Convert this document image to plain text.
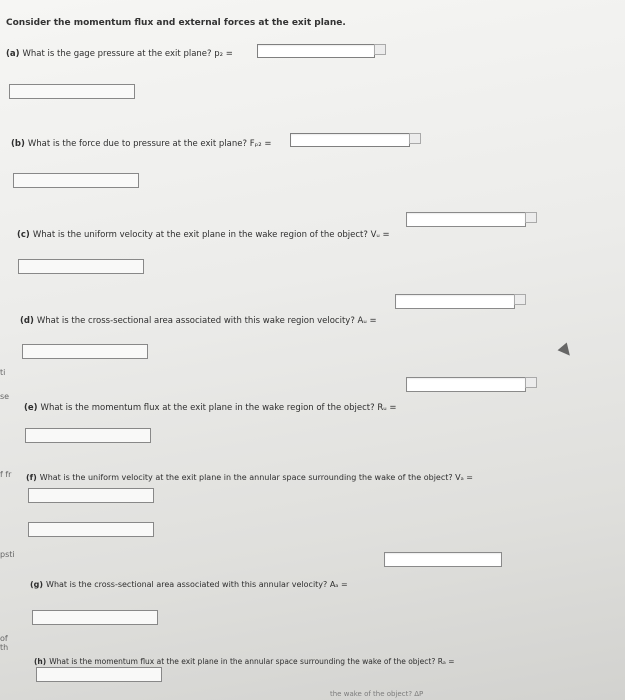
Consider the momentum flux and external forces at the exit plane.
(a) What is the gage pressure at the exit plane? p₂ =
(b) What is the force due to pressure at the exit plane? Fₚ₂ =
(c) What is the uniform velocity at the exit plane in the wake region of the object? Vᵤ =
(d) What is the cross-sectional area associated with this wake region velocity? Aᵤ =
(e) What is the momentum flux at the exit plane in the wake region of the object? Rᵤ =
(f) What is the uniform velocity at the exit plane in the annular space surrounding the wake of the object? Vₐ =
(g) What is the cross-sectional area associated with this annular velocity? Aₐ =
(h) What is the momentum flux at the exit plane in the annular space surrounding the wake of the object? Rₐ =
ti
se
f fr
psti
of th
the wake of the object? ΔP
